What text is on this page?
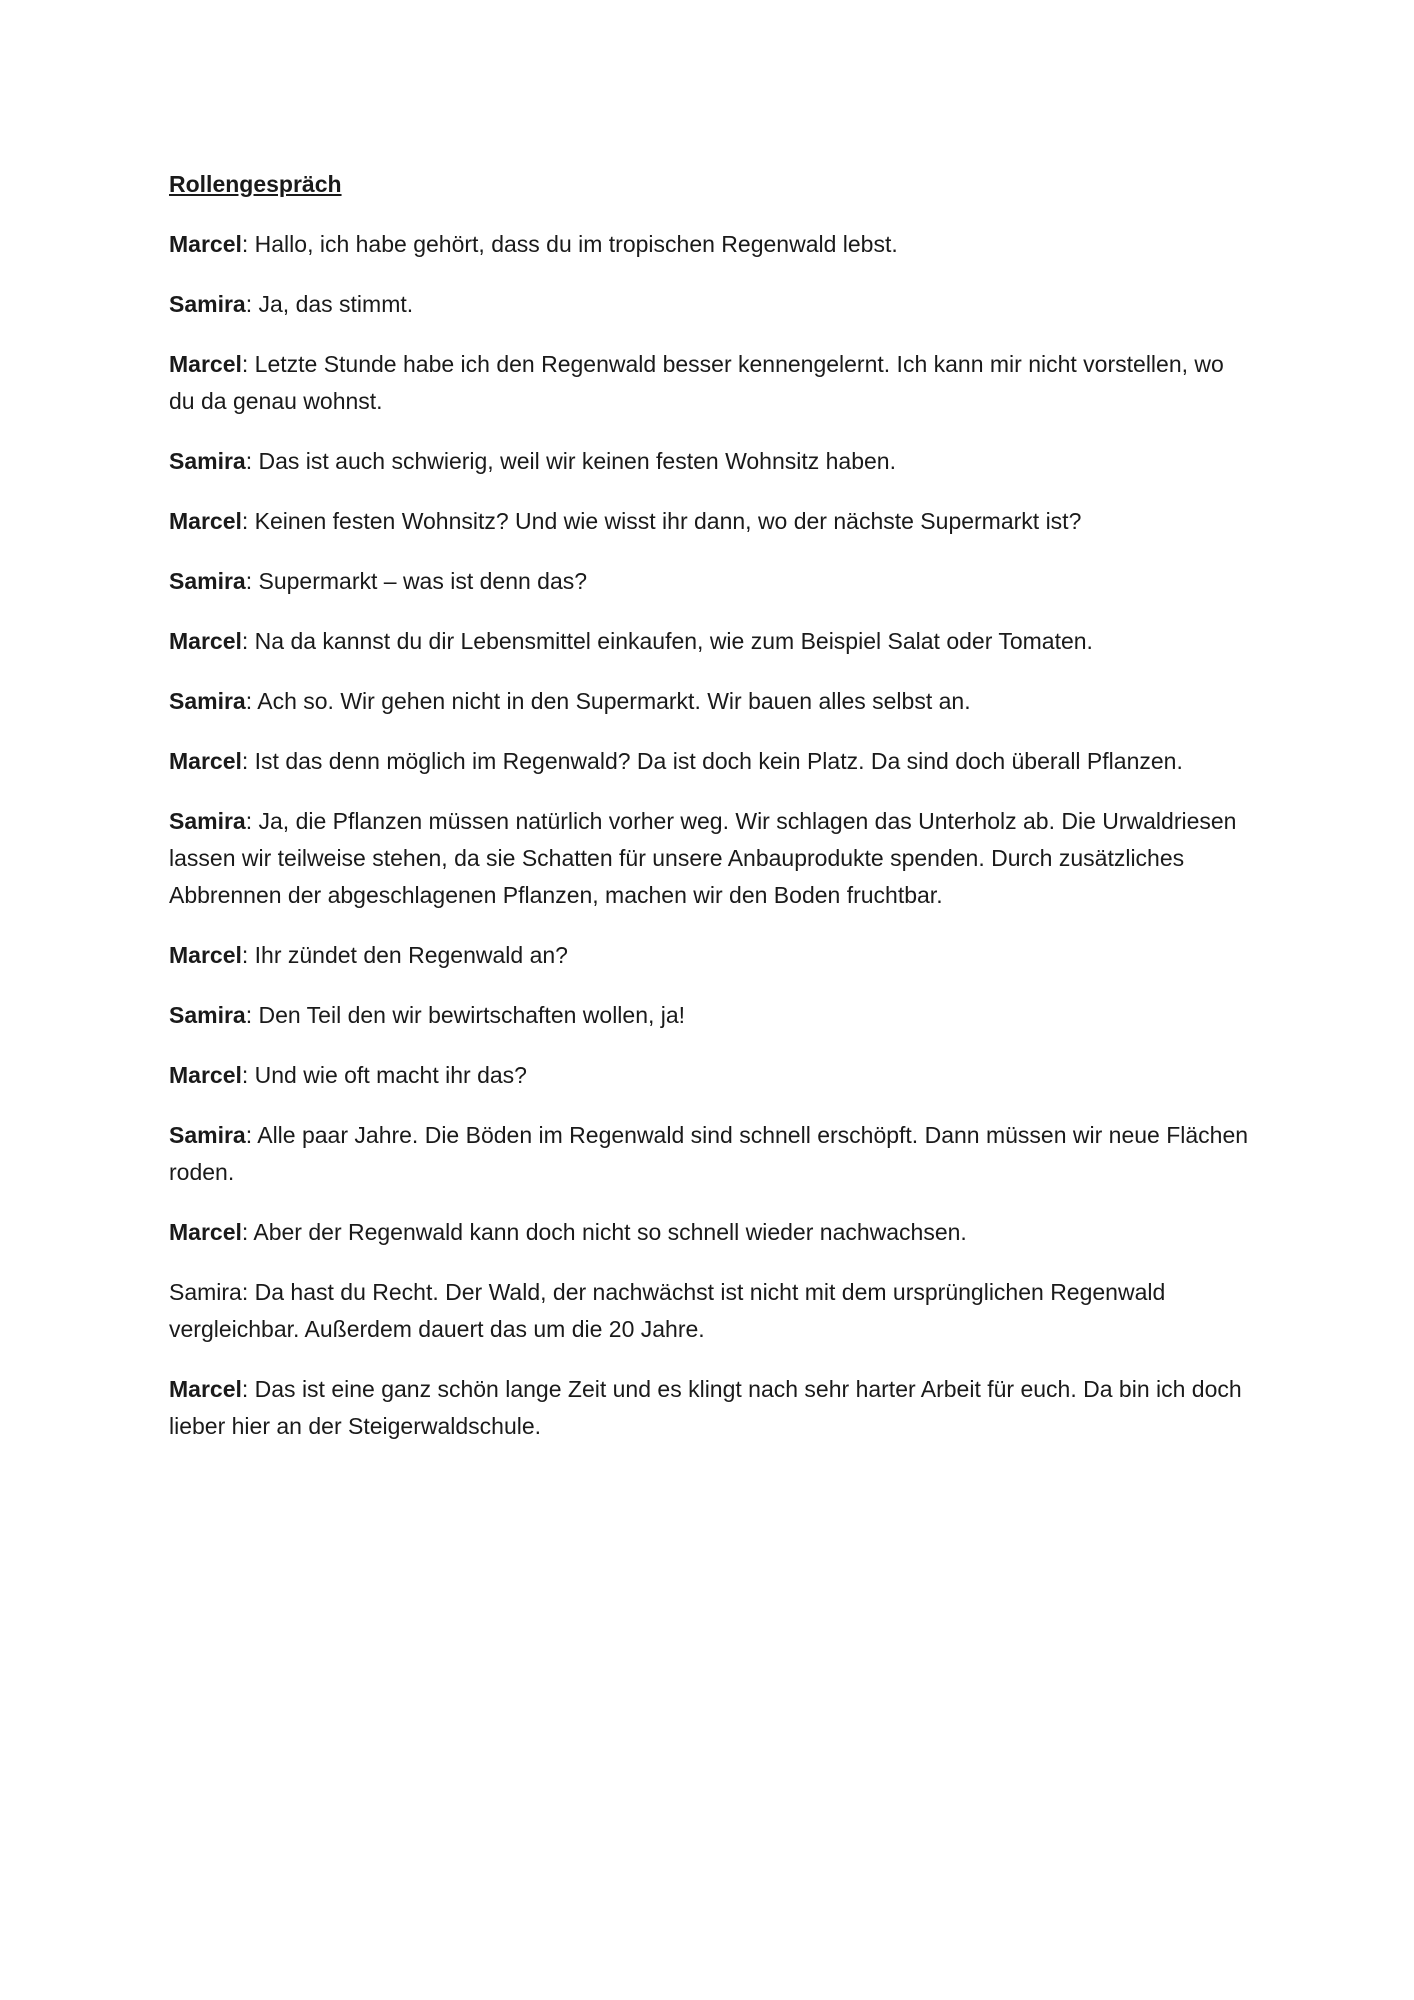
Rollengespräch
Marcel: Hallo, ich habe gehört, dass du im tropischen Regenwald lebst.
Samira: Ja, das stimmt.
Marcel: Letzte Stunde habe ich den Regenwald besser kennengelernt. Ich kann mir nicht vorstellen, wo du da genau wohnst.
Samira: Das ist auch schwierig, weil wir keinen festen Wohnsitz haben.
Marcel: Keinen festen Wohnsitz? Und wie wisst ihr dann, wo der nächste Supermarkt ist?
Samira: Supermarkt – was ist denn das?
Marcel: Na da kannst du dir Lebensmittel einkaufen, wie zum Beispiel Salat oder Tomaten.
Samira: Ach so. Wir gehen nicht in den Supermarkt. Wir bauen alles selbst an.
Marcel: Ist das denn möglich im Regenwald? Da ist doch kein Platz. Da sind doch überall Pflanzen.
Samira: Ja, die Pflanzen müssen natürlich vorher weg. Wir schlagen das Unterholz ab. Die Urwaldriesen lassen wir teilweise stehen, da sie Schatten für unsere Anbauprodukte spenden. Durch zusätzliches Abbrennen der abgeschlagenen Pflanzen, machen wir den Boden fruchtbar.
Marcel: Ihr zündet den Regenwald an?
Samira: Den Teil den wir bewirtschaften wollen, ja!
Marcel: Und wie oft macht ihr das?
Samira: Alle paar Jahre. Die Böden im Regenwald sind schnell erschöpft. Dann müssen wir neue Flächen roden.
Marcel: Aber der Regenwald kann doch nicht so schnell wieder nachwachsen.
Samira: Da hast du Recht. Der Wald, der nachwächst ist nicht mit dem ursprünglichen Regenwald vergleichbar. Außerdem dauert das um die 20 Jahre.
Marcel: Das ist eine ganz schön lange Zeit und es klingt nach sehr harter Arbeit für euch. Da bin ich doch lieber hier an der Steigerwaldschule.
